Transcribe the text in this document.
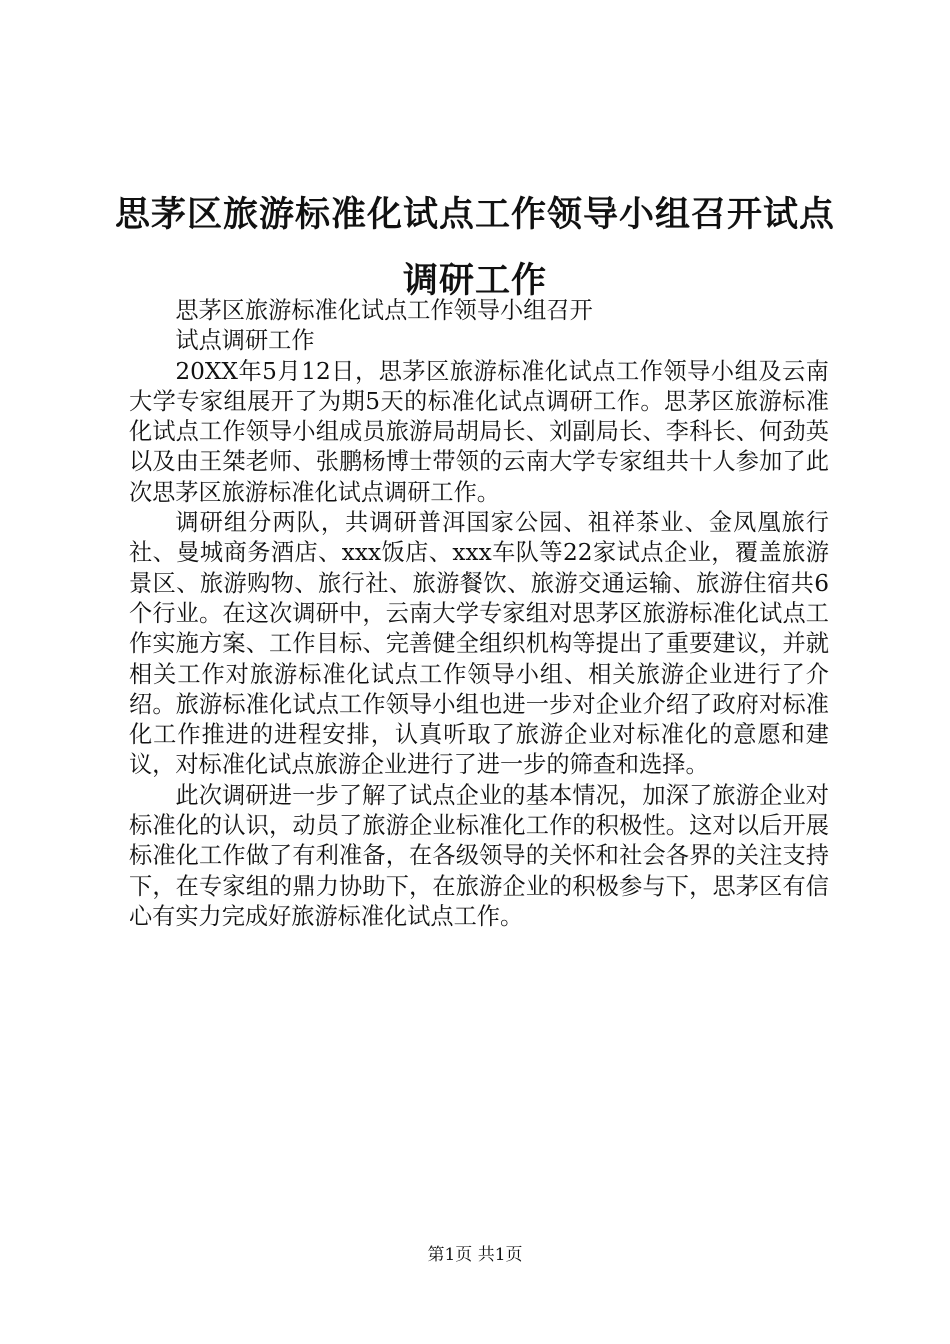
思茅区旅游标准化试点工作领导小组召开试点
调研工作

思茅区旅游标准化试点工作领导小组召开

试点调研工作

20XX年5月12日，思茅区旅游标准化试点工作领导小组及云南大学专家组展开了为期5天的标准化试点调研工作。思茅区旅游标准化试点工作领导小组成员旅游局胡局长、刘副局长、李科长、何劲英以及由王桀老师、张鹏杨博士带领的云南大学专家组共十人参加了此次思茅区旅游标准化试点调研工作。

调研组分两队，共调研普洱国家公园、祖祥茶业、金凤凰旅行社、曼城商务酒店、xxx饭店、xxx车队等22家试点企业，覆盖旅游景区、旅游购物、旅行社、旅游餐饮、旅游交通运输、旅游住宿共6个行业。在这次调研中，云南大学专家组对思茅区旅游标准化试点工作实施方案、工作目标、完善健全组织机构等提出了重要建议，并就相关工作对旅游标准化试点工作领导小组、相关旅游企业进行了介绍。旅游标准化试点工作领导小组也进一步对企业介绍了政府对标准化工作推进的进程安排，认真听取了旅游企业对标准化的意愿和建议，对标准化试点旅游企业进行了进一步的筛查和选择。

此次调研进一步了解了试点企业的基本情况，加深了旅游企业对标准化的认识，动员了旅游企业标准化工作的积极性。这对以后开展标准化工作做了有利准备，在各级领导的关怀和社会各界的关注支持下，在专家组的鼎力协助下，在旅游企业的积极参与下，思茅区有信心有实力完成好旅游标准化试点工作。

第1页 共1页
